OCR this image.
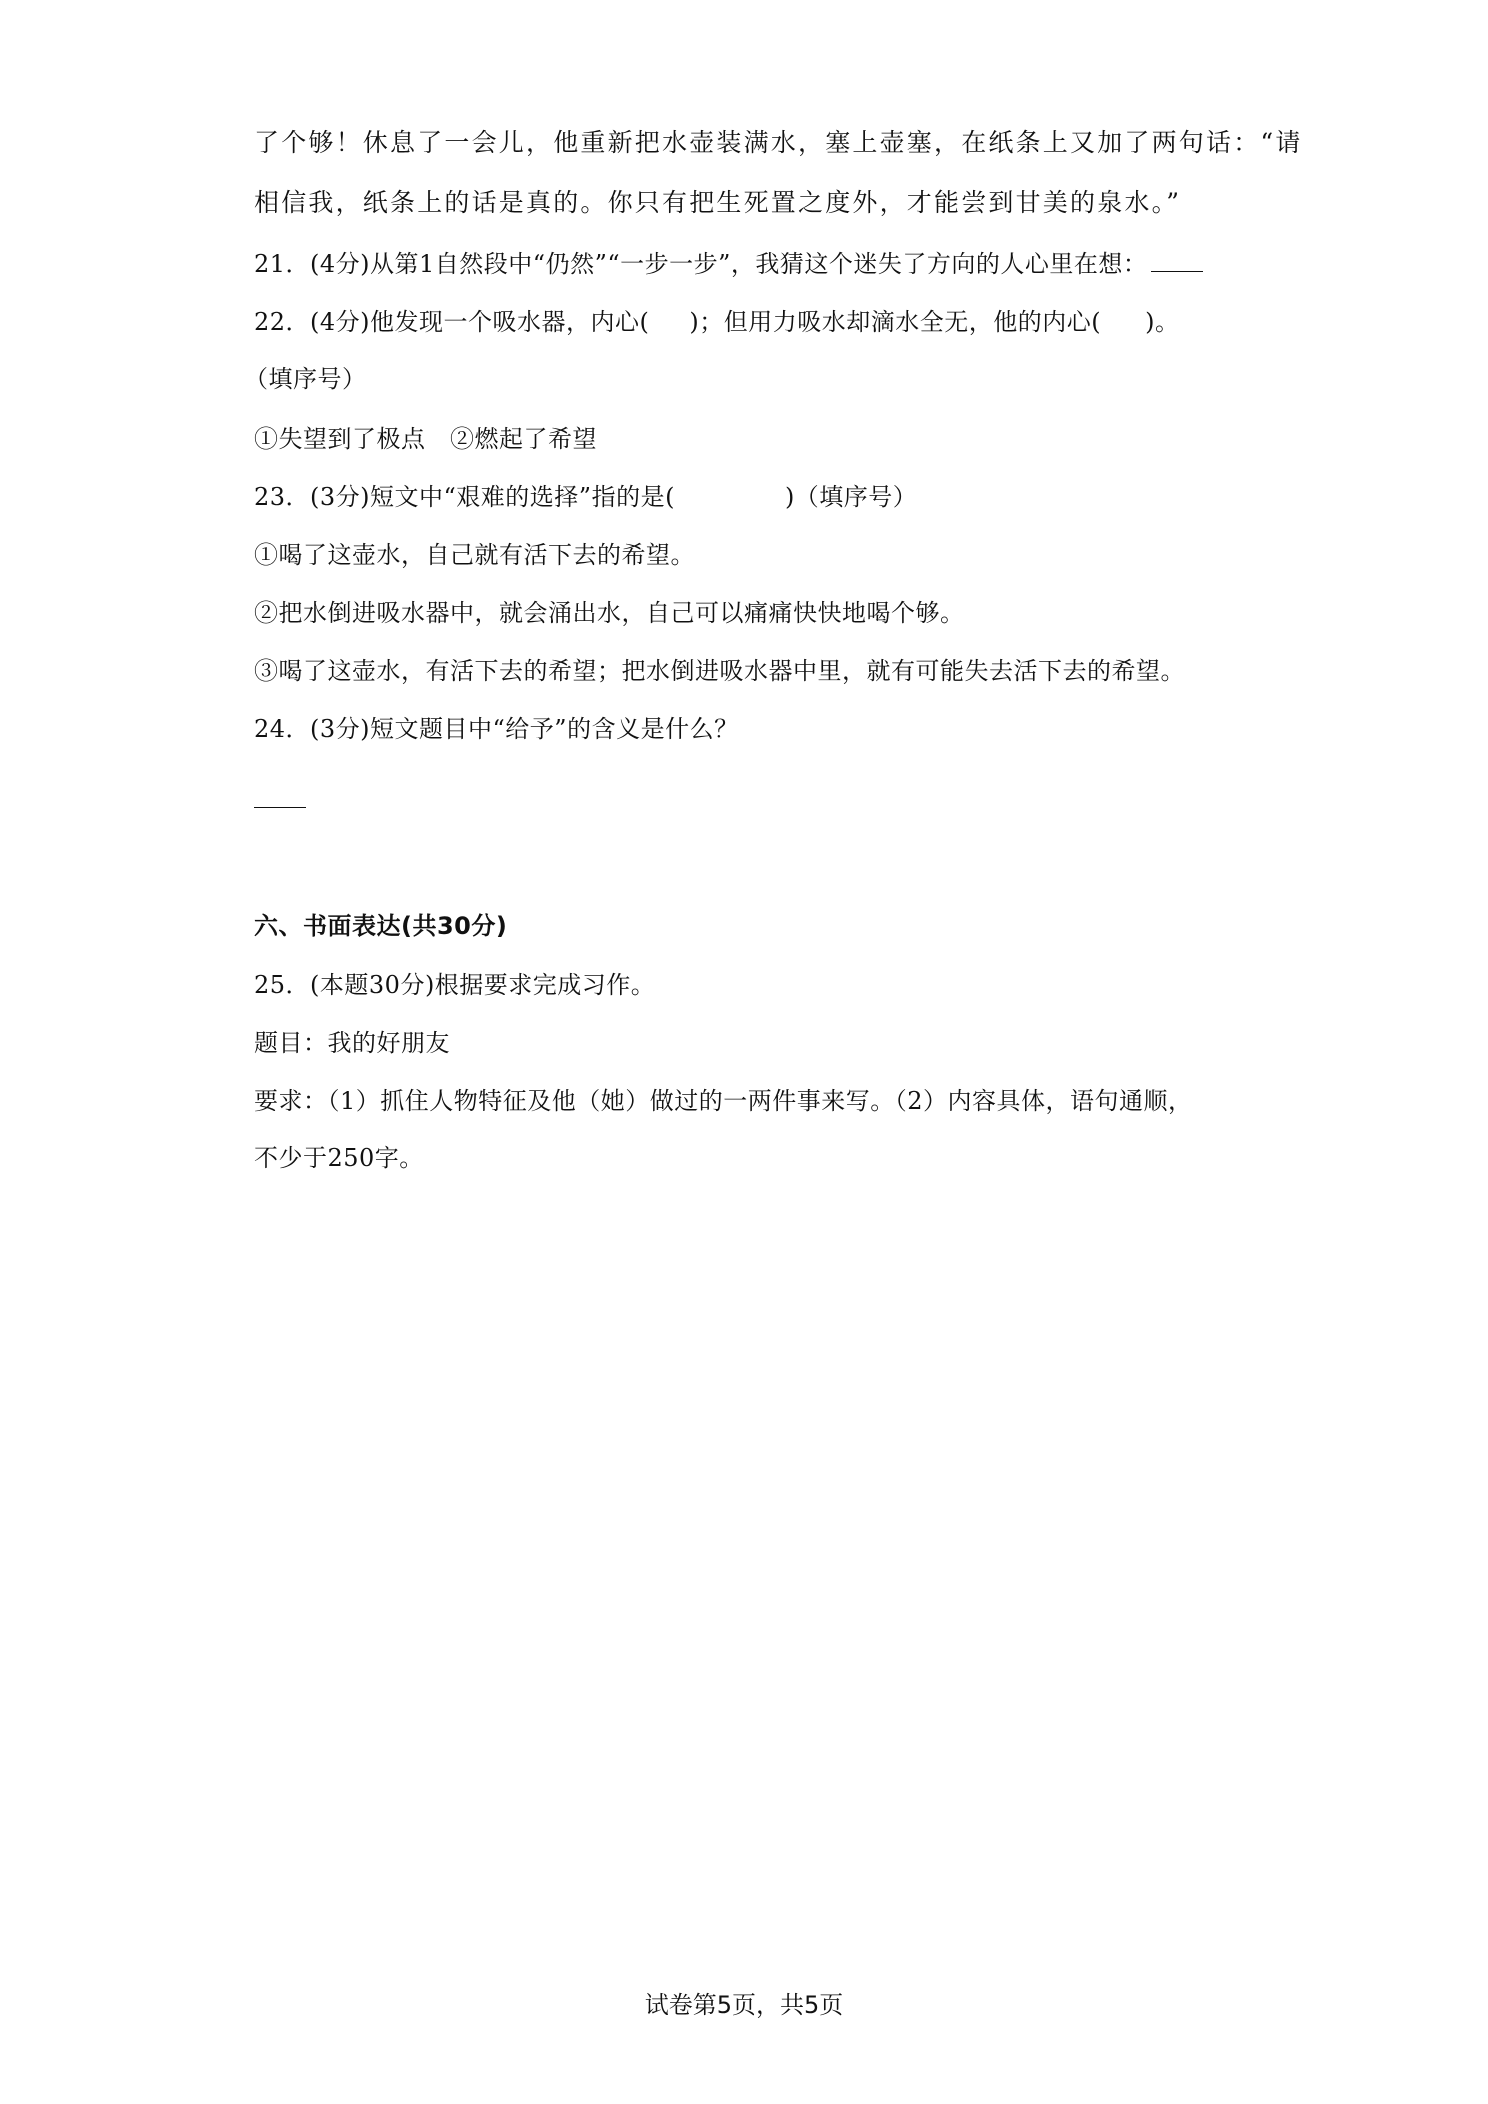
了个够！休息了一会儿，他重新把水壶装满水，塞上壶塞，在纸条上又加了两句话：“请
相信我，纸条上的话是真的。你只有把生死置之度外，才能尝到甘美的泉水。”
21．(4分)从第1自然段中“仍然”“一步一步”，我猜这个迷失了方向的人心里在想：
22．(4分)他发现一个吸水器，内心( )；但用力吸水却滴水全无，他的内心( )。
（填序号）
①失望到了极点　②燃起了希望
23．(3分)短文中“艰难的选择”指的是(	)（填序号）
①喝了这壶水，自己就有活下去的希望。
②把水倒进吸水器中，就会涌出水，自己可以痛痛快快地喝个够。
③喝了这壶水，有活下去的希望；把水倒进吸水器中里，就有可能失去活下去的希望。
24．(3分)短文题目中“给予”的含义是什么？
六、书面表达(共30分)
25．(本题30分)根据要求完成习作。
题目：我的好朋友
要求：（1）抓住人物特征及他（她）做过的一两件事来写。（2）内容具体，语句通顺，
不少于250字。
试卷第5页，共5页
